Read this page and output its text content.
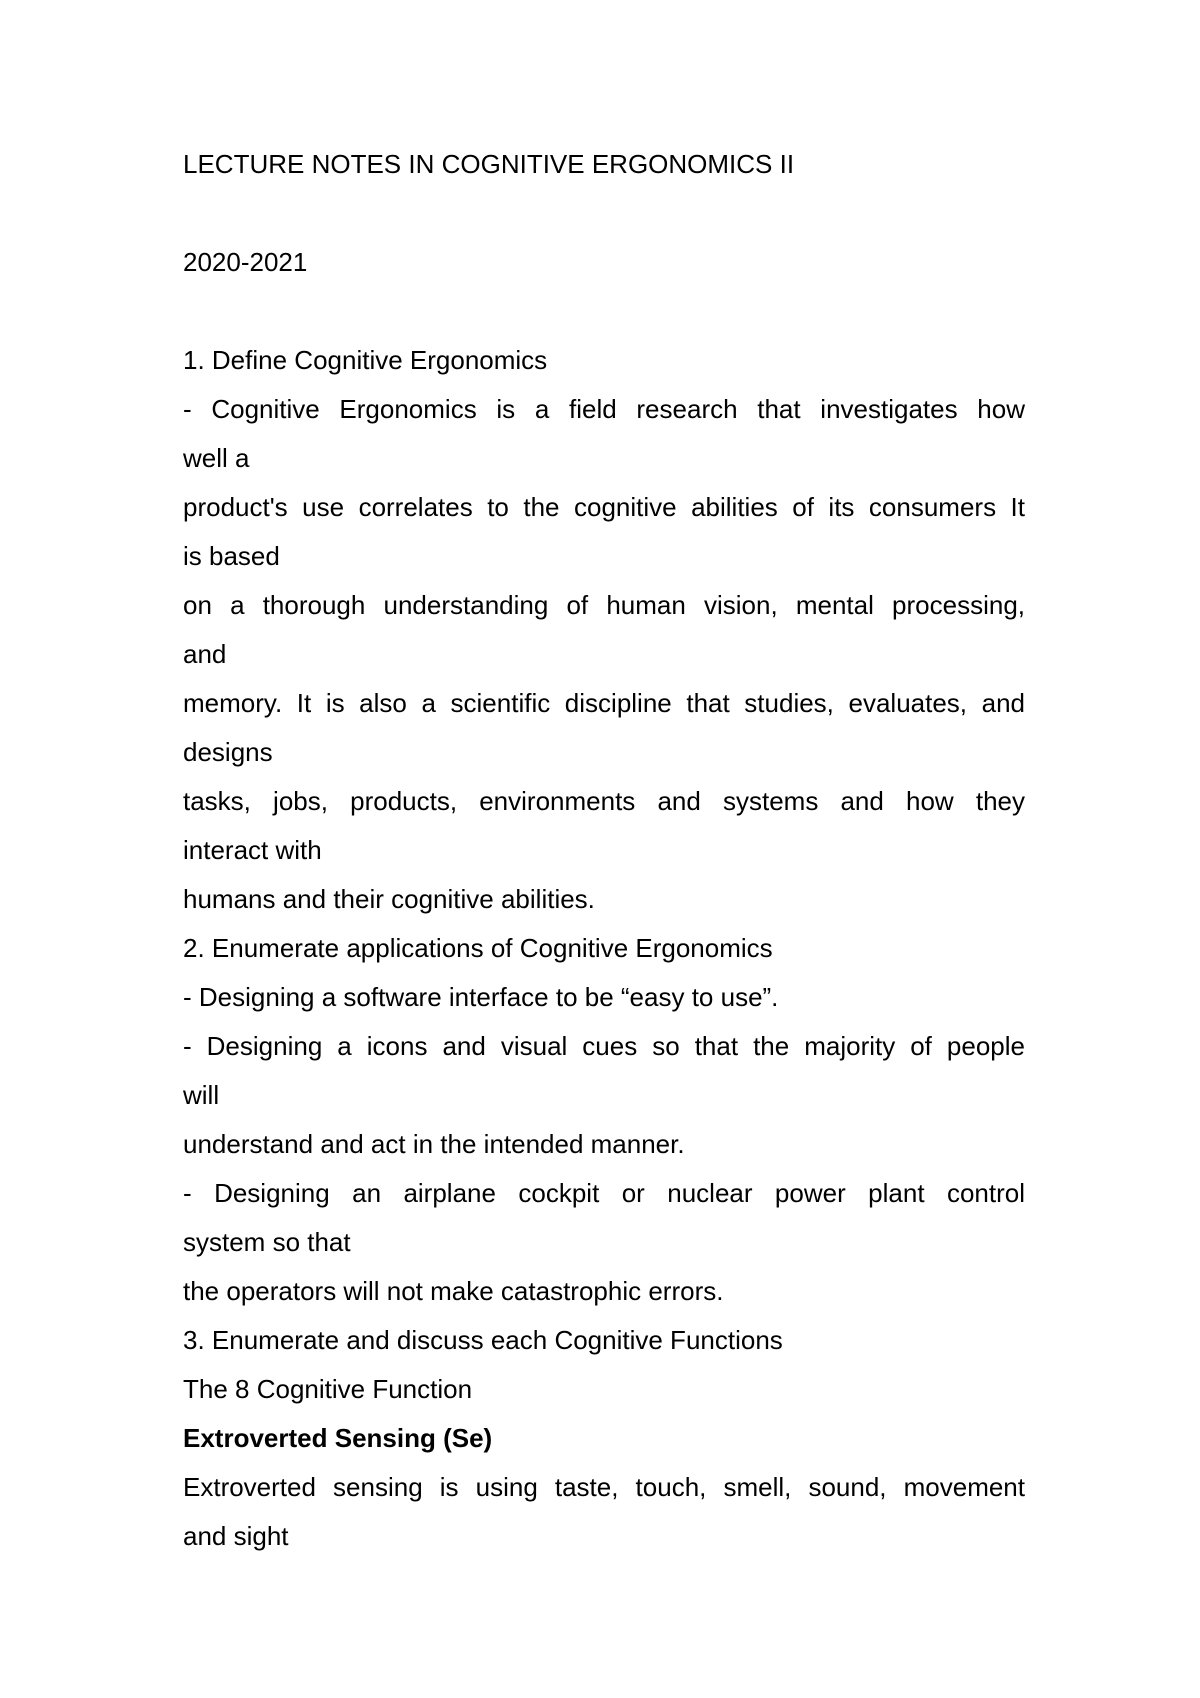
LECTURE NOTES IN COGNITIVE ERGONOMICS II
2020-2021
1. Define Cognitive Ergonomics
- Cognitive Ergonomics is a field research that investigates how
well a
product's use correlates to the cognitive abilities of its consumers It
is based
on a thorough understanding of human vision, mental processing,
and
memory. It is also a scientific discipline that studies, evaluates, and
designs
tasks, jobs, products, environments and systems and how they
interact with
humans and their cognitive abilities.
2. Enumerate applications of Cognitive Ergonomics
- Designing a software interface to be “easy to use”.
- Designing a icons and visual cues so that the majority of people
will
understand and act in the intended manner.
- Designing an airplane cockpit or nuclear power plant control
system so that
the operators will not make catastrophic errors.
3. Enumerate and discuss each Cognitive Functions
The 8 Cognitive Function
Extroverted Sensing (Se)
Extroverted sensing is using taste, touch, smell, sound, movement
and sight
